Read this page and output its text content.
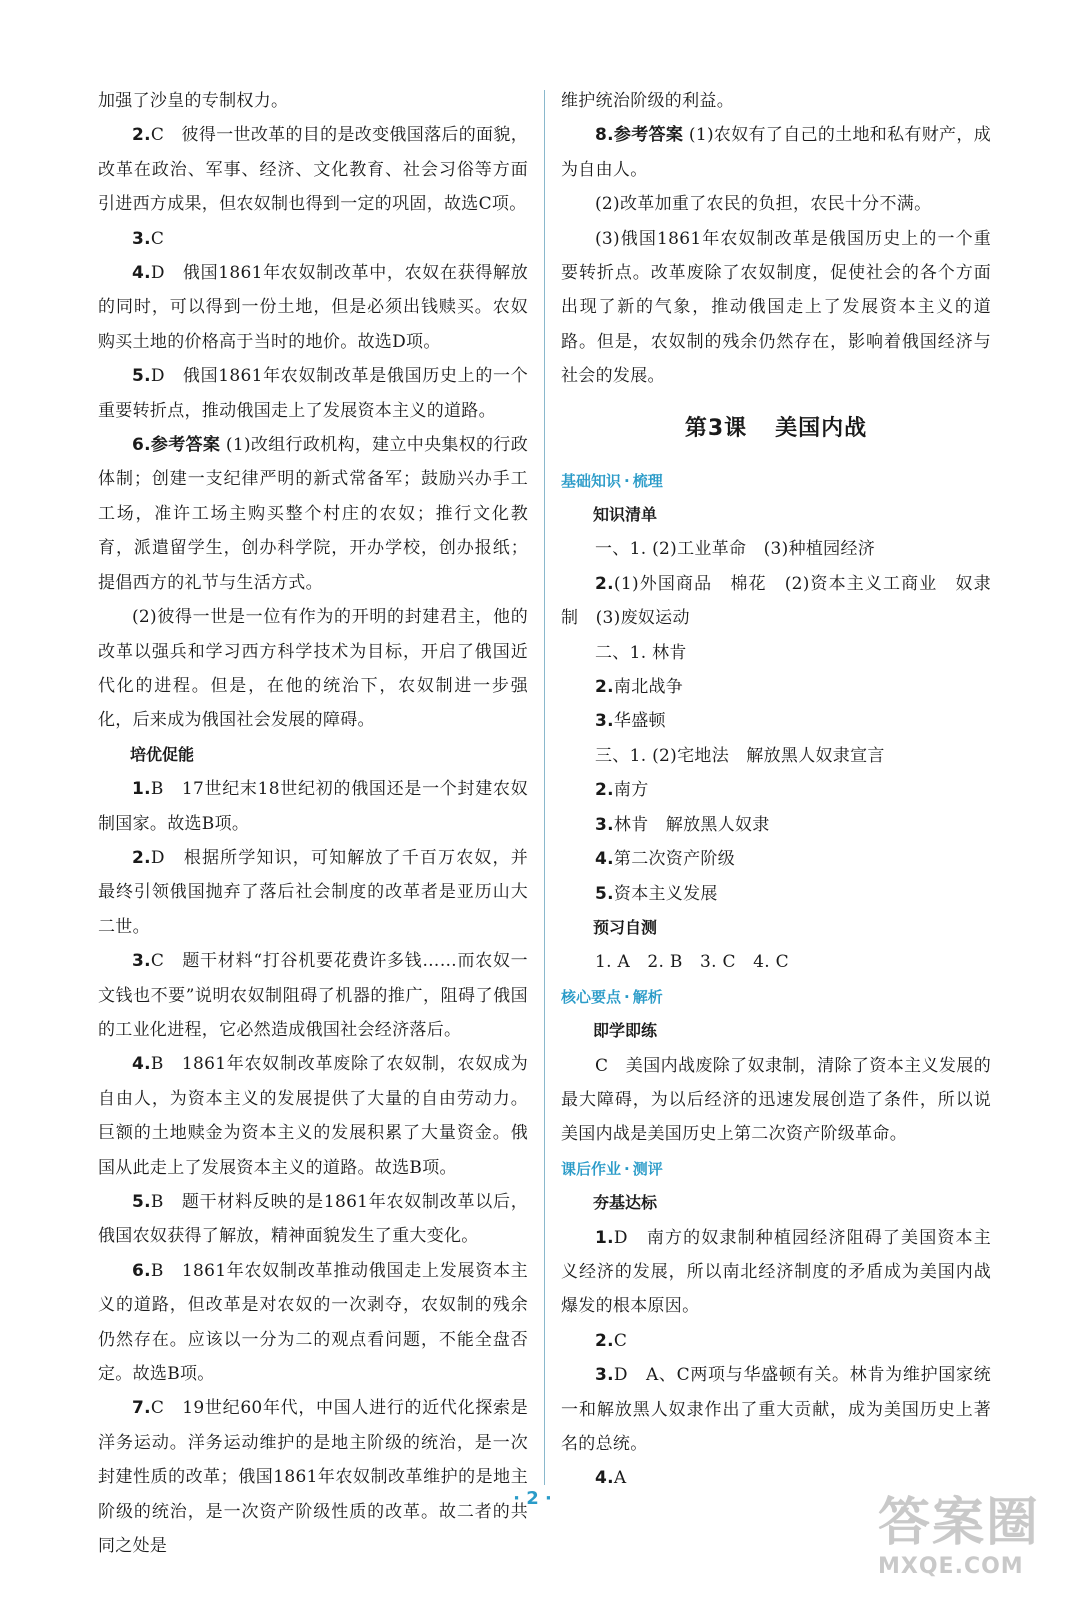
加强了沙皇的专制权力。

2.C　彼得一世改革的目的是改变俄国落后的面貌，改革在政治、军事、经济、文化教育、社会习俗等方面引进西方成果，但农奴制也得到一定的巩固，故选C项。

3.C

4.D　俄国1861年农奴制改革中，农奴在获得解放的同时，可以得到一份土地，但是必须出钱赎买。农奴购买土地的价格高于当时的地价。故选D项。

5.D　俄国1861年农奴制改革是俄国历史上的一个重要转折点，推动俄国走上了发展资本主义的道路。

6.参考答案 (1)改组行政机构，建立中央集权的行政体制；创建一支纪律严明的新式常备军；鼓励兴办手工工场，准许工场主购买整个村庄的农奴；推行文化教育，派遣留学生，创办科学院，开办学校，创办报纸；提倡西方的礼节与生活方式。

(2)彼得一世是一位有作为的开明的封建君主，他的改革以强兵和学习西方科学技术为目标，开启了俄国近代化的进程。但是，在他的统治下，农奴制进一步强化，后来成为俄国社会发展的障碍。

培优促能

1.B　17世纪末18世纪初的俄国还是一个封建农奴制国家。故选B项。

2.D　根据所学知识，可知解放了千百万农奴，并最终引领俄国抛弃了落后社会制度的改革者是亚历山大二世。

3.C　题干材料“打谷机要花费许多钱……而农奴一文钱也不要”说明农奴制阻碍了机器的推广，阻碍了俄国的工业化进程，它必然造成俄国社会经济落后。

4.B　1861年农奴制改革废除了农奴制，农奴成为自由人，为资本主义的发展提供了大量的自由劳动力。巨额的土地赎金为资本主义的发展积累了大量资金。俄国从此走上了发展资本主义的道路。故选B项。

5.B　题干材料反映的是1861年农奴制改革以后，俄国农奴获得了解放，精神面貌发生了重大变化。

6.B　1861年农奴制改革推动俄国走上发展资本主义的道路，但改革是对农奴的一次剥夺，农奴制的残余仍然存在。应该以一分为二的观点看问题，不能全盘否定。故选B项。

7.C　19世纪60年代，中国人进行的近代化探索是洋务运动。洋务运动维护的是地主阶级的统治，是一次封建性质的改革；俄国1861年农奴制改革维护的是地主阶级的统治，是一次资产阶级性质的改革。故二者的共同之处是

维护统治阶级的利益。

8.参考答案 (1)农奴有了自己的土地和私有财产，成为自由人。

(2)改革加重了农民的负担，农民十分不满。

(3)俄国1861年农奴制改革是俄国历史上的一个重要转折点。改革废除了农奴制度，促使社会的各个方面出现了新的气象，推动俄国走上了发展资本主义的道路。但是，农奴制的残余仍然存在，影响着俄国经济与社会的发展。

第3课 美国内战
基础知识 · 梳理
知识清单

一、1. (2)工业革命　(3)种植园经济

2.(1)外国商品　棉花　(2)资本主义工商业　奴隶制　(3)废奴运动

二、1. 林肯

2.南北战争

3.华盛顿

三、1. (2)宅地法　解放黑人奴隶宣言

2.南方

3.林肯　解放黑人奴隶

4.第二次资产阶级

5.资本主义发展

预习自测

1. A　2. B　3. C　4. C

核心要点 · 解析
即学即练

C　美国内战废除了奴隶制，清除了资本主义发展的最大障碍，为以后经济的迅速发展创造了条件，所以说美国内战是美国历史上第二次资产阶级革命。

课后作业 · 测评
夯基达标

1.D　南方的奴隶制种植园经济阻碍了美国资本主义经济的发展，所以南北经济制度的矛盾成为美国内战爆发的根本原因。

2.C

3.D　A、C两项与华盛顿有关。林肯为维护国家统一和解放黑人奴隶作出了重大贡献，成为美国历史上著名的总统。

4.A

· 2 ·	答案圈
MXQE.COM
